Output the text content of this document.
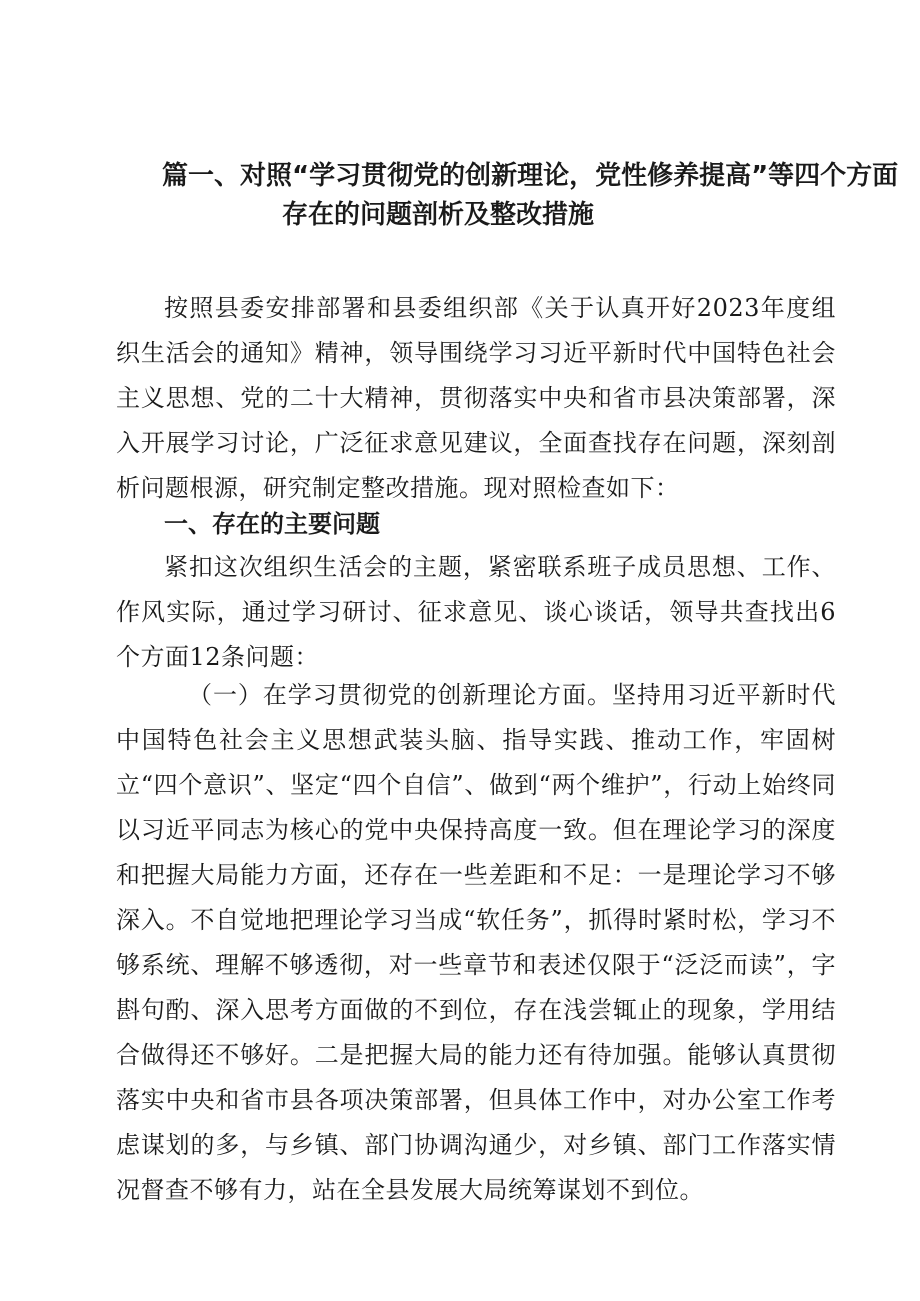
篇一、对照“学习贯彻党的创新理论，党性修养提高”等四个方面
存在的问题剖析及整改措施

按照县委安排部署和县委组织部《关于认真开好2023年度组织生活会的通知》精神，领导围绕学习习近平新时代中国特色社会主义思想、党的二十大精神，贯彻落实中央和省市县决策部署，深入开展学习讨论，广泛征求意见建议，全面查找存在问题，深刻剖析问题根源，研究制定整改措施。现对照检查如下：

一、存在的主要问题

紧扣这次组织生活会的主题，紧密联系班子成员思想、工作、作风实际，通过学习研讨、征求意见、谈心谈话，领导共查找出6个方面12条问题：

（一）在学习贯彻党的创新理论方面。坚持用习近平新时代中国特色社会主义思想武装头脑、指导实践、推动工作，牢固树立“四个意识”、坚定“四个自信”、做到“两个维护”，行动上始终同以习近平同志为核心的党中央保持高度一致。但在理论学习的深度和把握大局能力方面，还存在一些差距和不足：一是理论学习不够深入。不自觉地把理论学习当成“软任务”，抓得时紧时松，学习不够系统、理解不够透彻，对一些章节和表述仅限于“泛泛而读”，字斟句酌、深入思考方面做的不到位，存在浅尝辄止的现象，学用结合做得还不够好。二是把握大局的能力还有待加强。能够认真贯彻落实中央和省市县各项决策部署，但具体工作中，对办公室工作考虑谋划的多，与乡镇、部门协调沟通少，对乡镇、部门工作落实情况督查不够有力，站在全县发展大局统筹谋划不到位。
